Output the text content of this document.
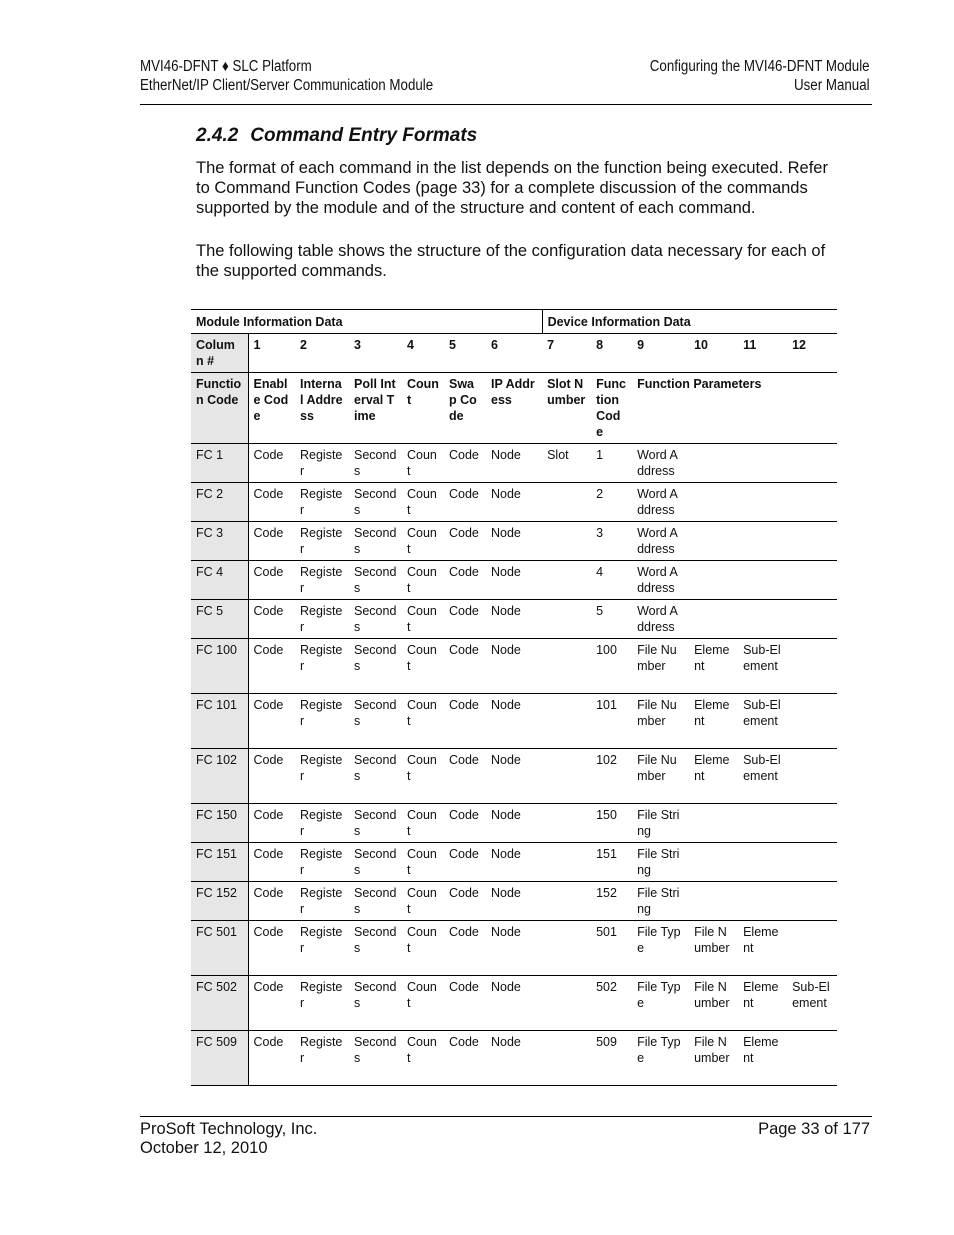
MVI46-DFNT ♦ SLC Platform
EtherNet/IP Client/Server Communication Module
Configuring the MVI46-DFNT Module
User Manual
2.4.2 Command Entry Formats

The format of each command in the list depends on the function being executed. Refer to Command Function Codes (page 33) for a complete discussion of the commands supported by the module and of the structure and content of each command.

The following table shows the structure of the configuration data necessary for each of the supported commands.

Module Information Data							Device Information Data					
Column #	1	2	3	4	5	6	7	8	9	10	11	12
Function Code	Enable Code	Internal Address	Poll Interval Time	Count	Swap Code	IP Address	Slot Number	Function Code	Function Parameters			
FC 1	Code	Register	Seconds	Count	Code	Node	Slot	1	Word Address			
FC 2	Code	Register	Seconds	Count	Code	Node		2	Word Address			
FC 3	Code	Register	Seconds	Count	Code	Node		3	Word Address			
FC 4	Code	Register	Seconds	Count	Code	Node		4	Word Address			
FC 5	Code	Register	Seconds	Count	Code	Node		5	Word Address			
FC 100	Code	Register	Seconds	Count	Code	Node		100	File Number	Element	Sub-Element	
FC 101	Code	Register	Seconds	Count	Code	Node		101	File Number	Element	Sub-Element	
FC 102	Code	Register	Seconds	Count	Code	Node		102	File Number	Element	Sub-Element	
FC 150	Code	Register	Seconds	Count	Code	Node		150	File String			
FC 151	Code	Register	Seconds	Count	Code	Node		151	File String			
FC 152	Code	Register	Seconds	Count	Code	Node		152	File String			
FC 501	Code	Register	Seconds	Count	Code	Node		501	File Type	File Number	Element	
FC 502	Code	Register	Seconds	Count	Code	Node		502	File Type	File Number	Element	Sub-Element
FC 509	Code	Register	Seconds	Count	Code	Node		509	File Type	File Number	Element	
ProSoft Technology, Inc.
October 12, 2010
Page 33 of 177
